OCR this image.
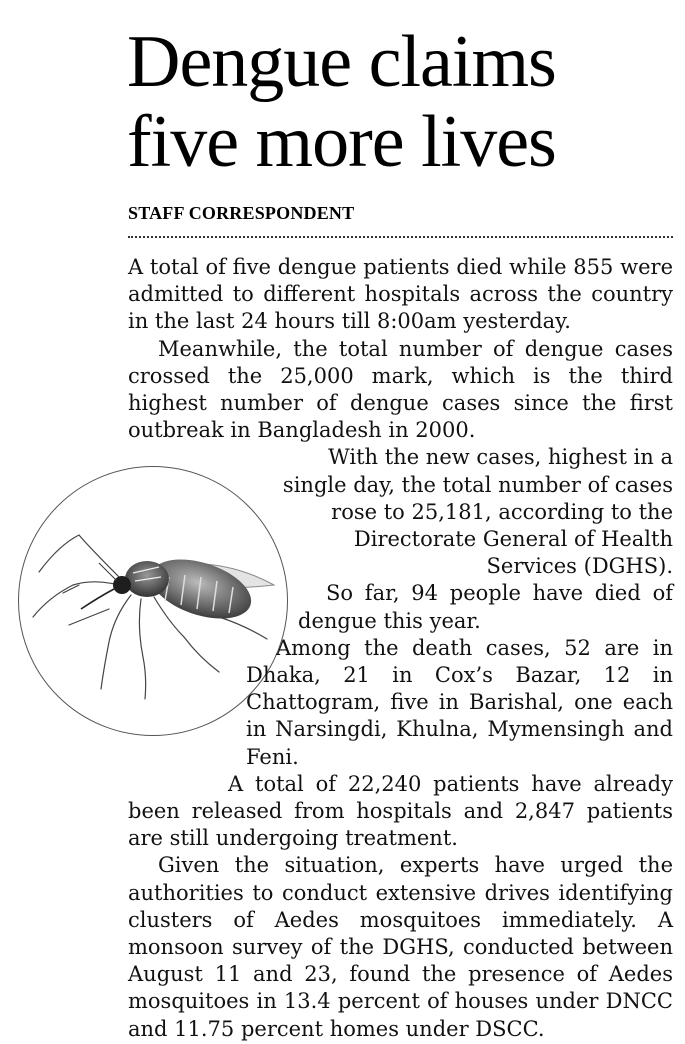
Dengue claims
five more lives
STAFF CORRESPONDENT

A total of five dengue patients died while 855 were admitted to different hospitals across the country in the last 24 hours till 8:00am yesterday.

Meanwhile, the total number of dengue cases crossed the 25,000 mark, which is the third highest number of dengue cases since the first outbreak in Bangladesh in 2000.

With the new cases, highest in a single day, the total number of cases rose to 25,181, according to the Directorate General of Health Services (DGHS).

So far, 94 people have died of dengue this year.

Among the death cases, 52 are in Dhaka, 21 in Cox’s Bazar, 12 in Chattogram, five in Barishal, one each in Narsingdi, Khulna, Mymensingh and Feni.

A total of 22,240 patients have already been released from hospitals and 2,847 patients are still undergoing treatment.

Given the situation, experts have urged the authorities to conduct extensive drives identifying clusters of Aedes mosquitoes immediately. A monsoon survey of the DGHS, conducted between August 11 and 23, found the presence of Aedes mosquitoes in 13.4 percent of houses under DNCC and 11.75 percent homes under DSCC.
